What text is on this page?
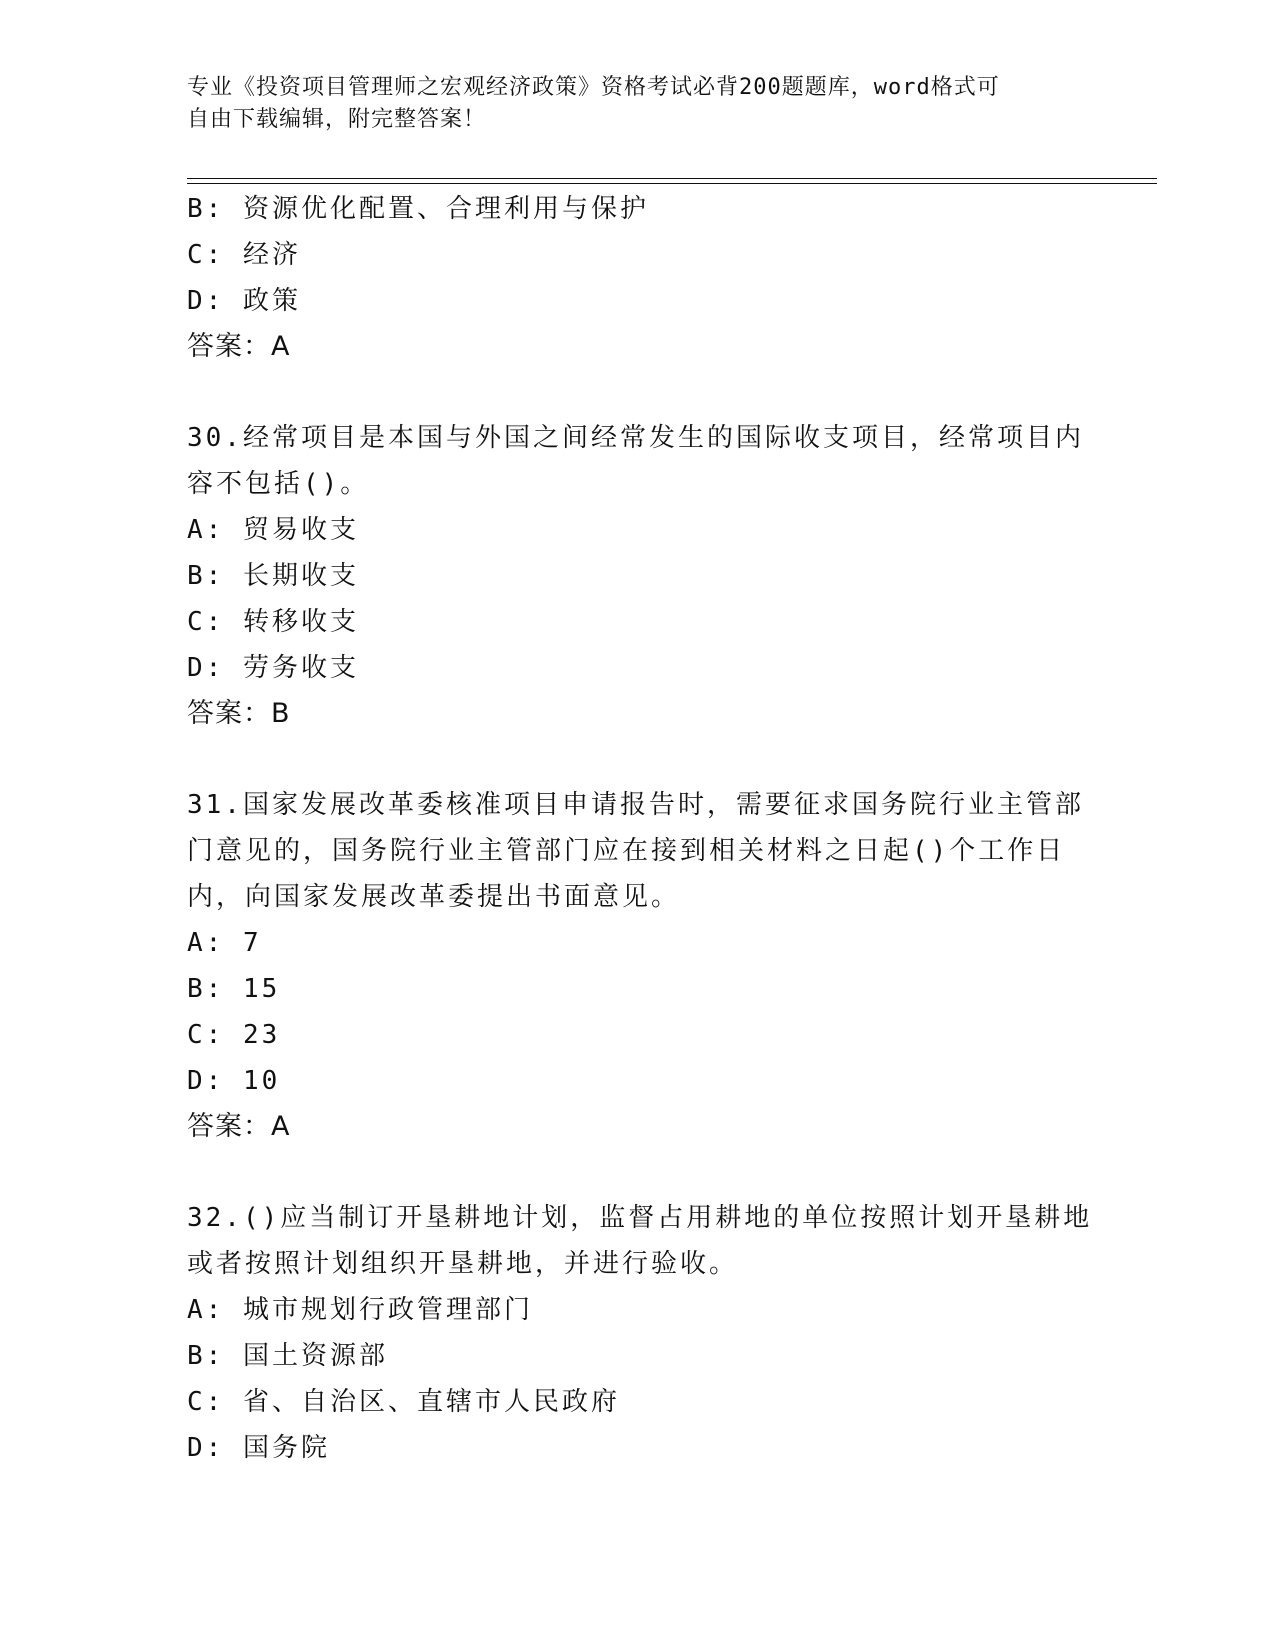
专业《投资项目管理师之宏观经济政策》资格考试必背200题题库，word格式可
自由下载编辑，附完整答案！
B: 资源优化配置、合理利用与保护
C: 经济
D: 政策
答案：A
30.经常项目是本国与外国之间经常发生的国际收支项目，经常项目内
容不包括()。
A: 贸易收支
B: 长期收支
C: 转移收支
D: 劳务收支
答案：B
31.国家发展改革委核准项目申请报告时，需要征求国务院行业主管部
门意见的，国务院行业主管部门应在接到相关材料之日起()个工作日
内，向国家发展改革委提出书面意见。
A: 7
B: 15
C: 23
D: 10
答案：A
32.()应当制订开垦耕地计划，监督占用耕地的单位按照计划开垦耕地
或者按照计划组织开垦耕地，并进行验收。
A: 城市规划行政管理部门
B: 国土资源部
C: 省、自治区、直辖市人民政府
D: 国务院
